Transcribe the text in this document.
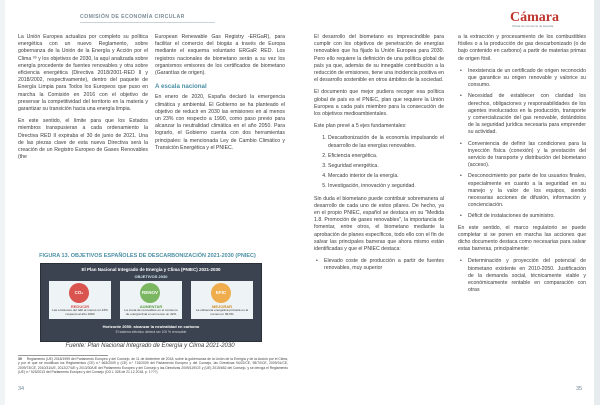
COMISIÓN DE ECONOMÍA CIRCULAR	Cámara
Oficial de Comercio de España

La Unión Europea actualiza por completo su política energética con un nuevo Reglamento, sobre gobernanza de la Unión de la Energía y Acción por el Clima ³⁹ y los objetivos de 2030, la aquí analizada sobre energía procedente de fuentes renovables y otra sobre eficiencia energética (Directiva 2018/2001-RED II y 2018/2002, respectivamente), dentro del paquete de Energía Limpia para Todos los Europeos que puso en marcha la Comisión en 2016 con el objetivo de preservar la competitividad del territorio en la materia y garantizar su transición hacia una energía limpia.

En este sentido, el límite para que los Estados miembros transpusieran a cada ordenamiento la Directiva RED II expiraba el 30 de junio de 2021. Una de las piezas clave de esta nueva Directiva será la creación de un Registro Europeo de Gases Renovables (the

European Renewable Gas Registry -ERGaR), para facilitar el comercio del biogás a través de Europa mediante el esquema voluntario ERGaR RED. Los registros nacionales de biometano serán a su vez los organismos emisores de los certificados de biometano (Garantías de origen).

A escala nacional

En enero de 2020, España declaró la emergencia climática y ambiental. El Gobierno se ha planteado el objetivo de reducir en 2030 las emisiones en al menos un 23% con respecto a 1990, como paso previo para alcanzar la neutralidad climática en el año 2050. Para lograrlo, el Gobierno cuenta con dos herramientas principales: la mencionada Ley de Cambio Climático y Transición Energética y el PNIEC.

FIGURA 13. OBJETIVOS ESPAÑOLES DE DESCARBONIZACIÓN 2021-2030 (PNIEC)
El Plan Nacional Integrado de Energía y Clima (PNIEC) 2021-2030
OBJETIVOS 2030
CO₂
REDUCIR
Las emisiones del GEI al menos un 23% respecto al año 1990
RENOV
AUMENTAR
La cuota de renovables en el consumo de energía final en al menos un 42%
EFIC
MEJORAR
La eficiencia energética primaria en al menos un 39,5%
Horizonte 2050: alcanzar la neutralidad en carbono
El sistema eléctrico deberá ser 100 % renovable
Fuente: Plan Nacional Integrado de Energía y Clima 2021-2030
39 Reglamento (UE) 2018/1999 del Parlamento Europeo y del Consejo, de 11 de diciembre de 2018, sobre la gobernanza de la Unión de la Energía y de la Acción por el Clima, y por el que se modifican los Reglamentos (CE) n.º 663/2009 y (CE) n.º 715/2009 del Parlamento Europeo y del Consejo, las Directivas 94/22/CE, 98/70/CE, 2009/31/CE, 2009/73/CE, 2010/31/UE, 2012/27/UE y 2013/30/UE del Parlamento Europeo y del Consejo y las Directivas 2009/119/CE y (UE) 2015/652 del Consejo, y se deroga el Reglamento (UE) n.º 525/2013 del Parlamento Europeo y del Consejo (DO L 328 de 21.12.2018, p. 1???)

El desarrollo del biometano es imprescindible para cumplir con los objetivos de penetración de energías renovables que ha fijado la Unión Europea para 2030. Pero ello requiere la definición de una política global de país ya que, además de su innegable contribución a la reducción de emisiones, tiene una incidencia positiva en el desarrollo sostenible en otros ámbitos de la sociedad.

El documento que mejor pudiera recoger esa política global de país es el PNIEC, plan que requiere la Unión Europea a cada país miembro para la consecución de los objetivos medioambientales.

Este plan prevé a 5 ejes fundamentales:

1. Descarbonización de la economía impulsando el desarrollo de las energías renovables.
2. Eficiencia energética.
3. Seguridad energética.
4. Mercado interior de la energía.
5. Investigación, innovación y seguridad.

Sin duda el biometano puede contribuir sobremanera al desarrollo de cada uno de estos pilares. De hecho, ya en el propio PNIEC, español se destaca en su "Medida 1.8. Promoción de gases renovables", la importancia de fomentar, entre otros, el biometano mediante la aprobación de planes específicos, todo ello con el fin de salvar las principales barreras que ahora mismo están identificadas y que el PNIEC destaca:

• Elevado coste de producción a partir de fuentes renovables, muy superior

a la extracción y procesamiento de los combustibles fósiles o a la producción de gas descarbonizado (o de bajo contenido en carbono) a partir de materias primas de origen fósil.

• Inexistencia de un certificado de origen reconocido que garantice su origen renovable y valorice su consumo.
• Necesidad de establecer con claridad los derechos, obligaciones y responsabilidades de los agentes involucrados en la producción, transporte y comercialización del gas renovable, dotándolos de la seguridad jurídica necesaria para emprender su actividad.
• Conveniencia de definir las condiciones para la inyección física (conexión) y la prestación del servicio de transporte y distribución del biometano (acceso).
• Desconocimiento por parte de los usuarios finales, especialmente en cuanto a la seguridad en su manejo y la valor de los equipos, siendo necesarias acciones de difusión, información y concienciación.
• Déficit de instalaciones de suministro.

En este sentido, el marco regulatorio se puede completar si se ponen en marcha las acciones que dicho documento destaca como necesarias para salvar estas barreras, principalmente:

• Determinación y proyección del potencial de biometano existente en 2010-2050. Justificación de la demanda social, técnicamente viable y económicamente rentable en comparación con otras
34	35
